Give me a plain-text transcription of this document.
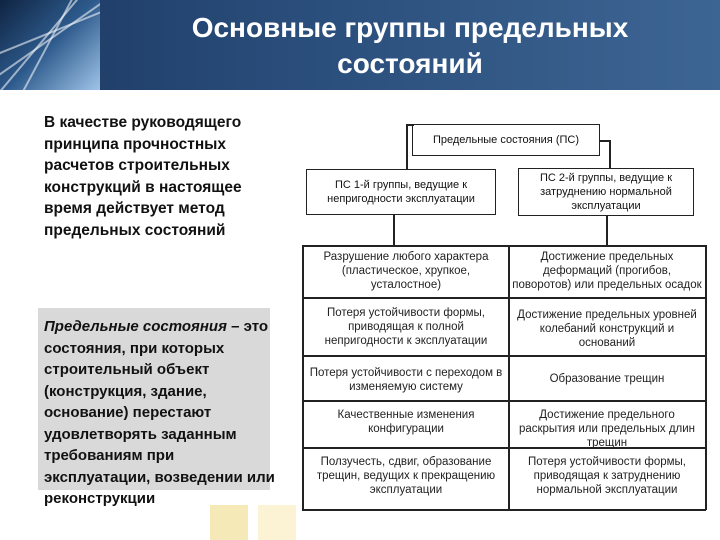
Основные группы предельных
состояний
В качестве руководящего принципа прочностных расчетов строительных конструкций в настоящее время действует метод предельных состояний
Предельные состояния – это состояния, при которых строительный объект (конструкция, здание, основание) перестают удовлетворять заданным требованиям при эксплуатации, возведении или реконструкции
Предельные состояния (ПС)
ПС 1-й группы, ведущие к непригодности эксплуатации
ПС 2-й группы, ведущие к затруднению нормальной эксплуатации
Разрушение любого характера (пластическое, хрупкое, усталостное)
Потеря устойчивости формы, приводящая к полной непригодности к эксплуатации
Потеря устойчивости с переходом в изменяемую систему
Качественные изменения конфигурации
Ползучесть, сдвиг, образование трещин, ведущих к прекращению эксплуатации
Достижение предельных деформаций (прогибов, поворотов) или предельных осадок
Достижение предельных уровней колебаний конструкций и оснований
Образование трещин
Достижение предельного раскрытия или предельных длин трещин
Потеря устойчивости формы, приводящая к затруднению нормальной эксплуатации
